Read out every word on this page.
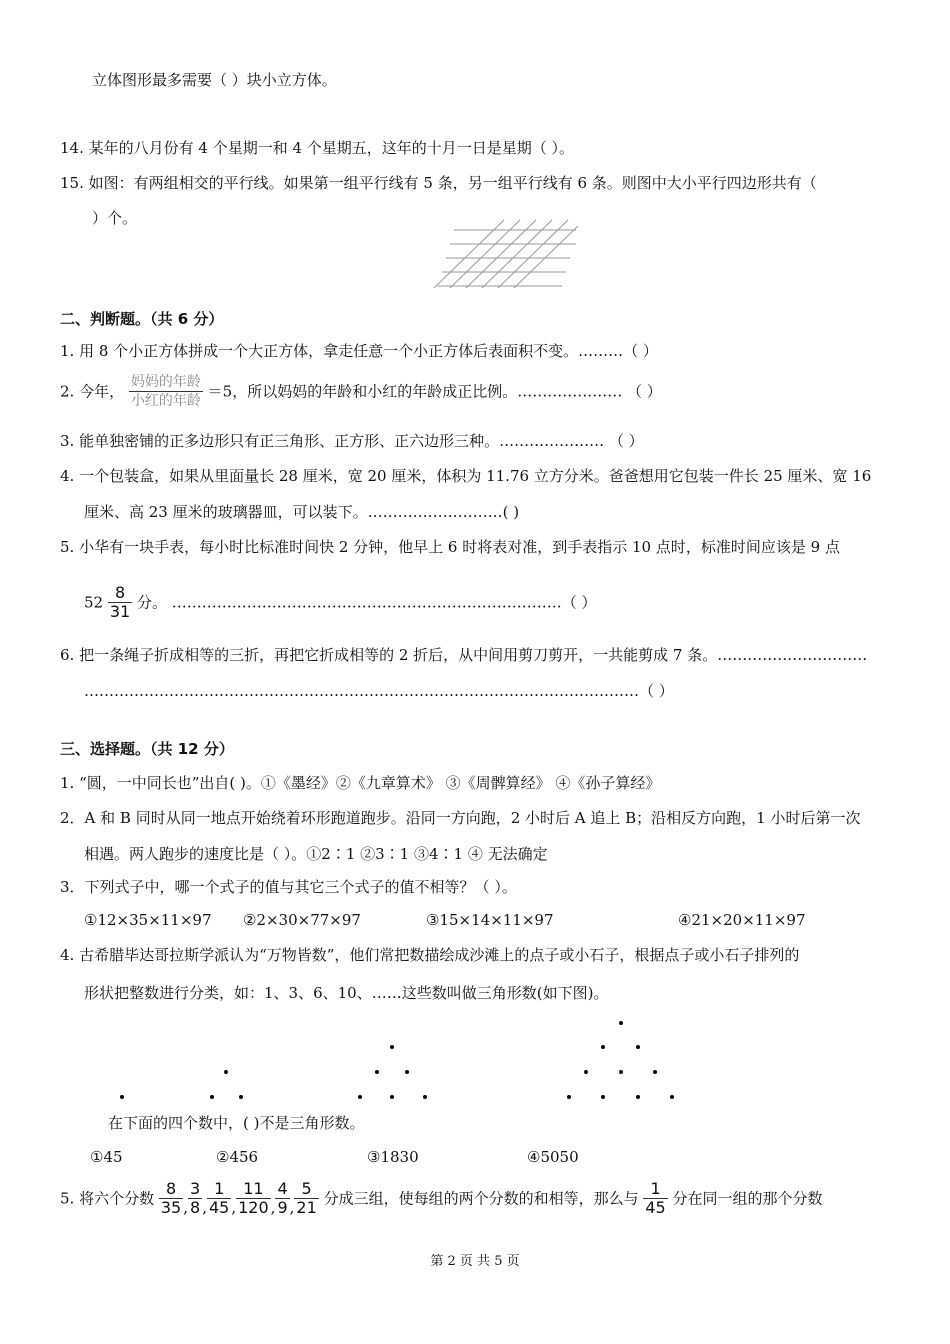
立体图形最多需要（ ）块小立方体。
14. 某年的八月份有 4 个星期一和 4 个星期五，这年的十月一日是星期（ ）。
15. 如图：有两组相交的平行线。如果第一组平行线有 5 条，另一组平行线有 6 条。则图中大小平行四边形共有（
）个。
二、判断题。（共 6 分）
1. 用 8 个小正方体拼成一个大正方体，拿走任意一个小正方体后表面积不变。………（ ）
2. 今年， $\frac{\text{妈妈的年龄}}{\text{小红的年龄}} =5$，所以妈妈的年龄和小红的年龄成正比例。………………… （ ）
3. 能单独密铺的正多边形只有正三角形、正方形、正六边形三种。………………… （ ）
4. 一个包装盒，如果从里面量长 28 厘米，宽 20 厘米，体积为 11.76 立方分米。爸爸想用它包装一件长 25 厘米、宽 16
厘米、高 23 厘米的玻璃器皿，可以装下。………………………( )
5. 小华有一块手表，每小时比标准时间快 2 分钟，他早上 6 时将表对准，到手表指示 10 点时，标准时间应该是 9 点
$52 \frac{8}{31}$ 分。 ……………………………………………………………………（ ）
6. 把一条绳子折成相等的三折，再把它折成相等的 2 折后，从中间用剪刀剪开，一共能剪成 7 条。…………………………
…………………………………………………………………………………………………（ ）
三、选择题。（共 12 分）
1. “圆，一中同长也”出自( )。①《墨经》②《九章算术》 ③《周髀算经》 ④《孙子算经》
2．A 和 B 同时从同一地点开始绕着环形跑道跑步。沿同一方向跑，2 小时后 A 追上 B；沿相反方向跑，1 小时后第一次
相遇。两人跑步的速度比是（ ）。①2∶1 ②3∶1 ③4∶1 ④ 无法确定
3．下列式子中，哪一个式子的值与其它三个式子的值不相等？（ ）。
①12×35×11×97 ②2×30×77×97	③15×14×11×97	④21×20×11×97
4. 古希腊毕达哥拉斯学派认为“万物皆数”，他们常把数描绘成沙滩上的点子或小石子，根据点子或小石子排列的
形状把整数进行分类，如：1、3、6、10、……这些数叫做三角形数(如下图)。
在下面的四个数中，( )不是三角形数。
①45	②456	③1830	④5050
5. 将六个分数 $\frac{8}{35}$ , $\frac{3}{8}$ , $\frac{1}{45}$ , $\frac{11}{120}$ , $\frac{4}{9}$ , $\frac{5}{21}$ 分成三组，使每组的两个分数的和相等，那么与 $\frac{1}{45}$ 分在同一组的那个分数
第 2 页 共 5 页
